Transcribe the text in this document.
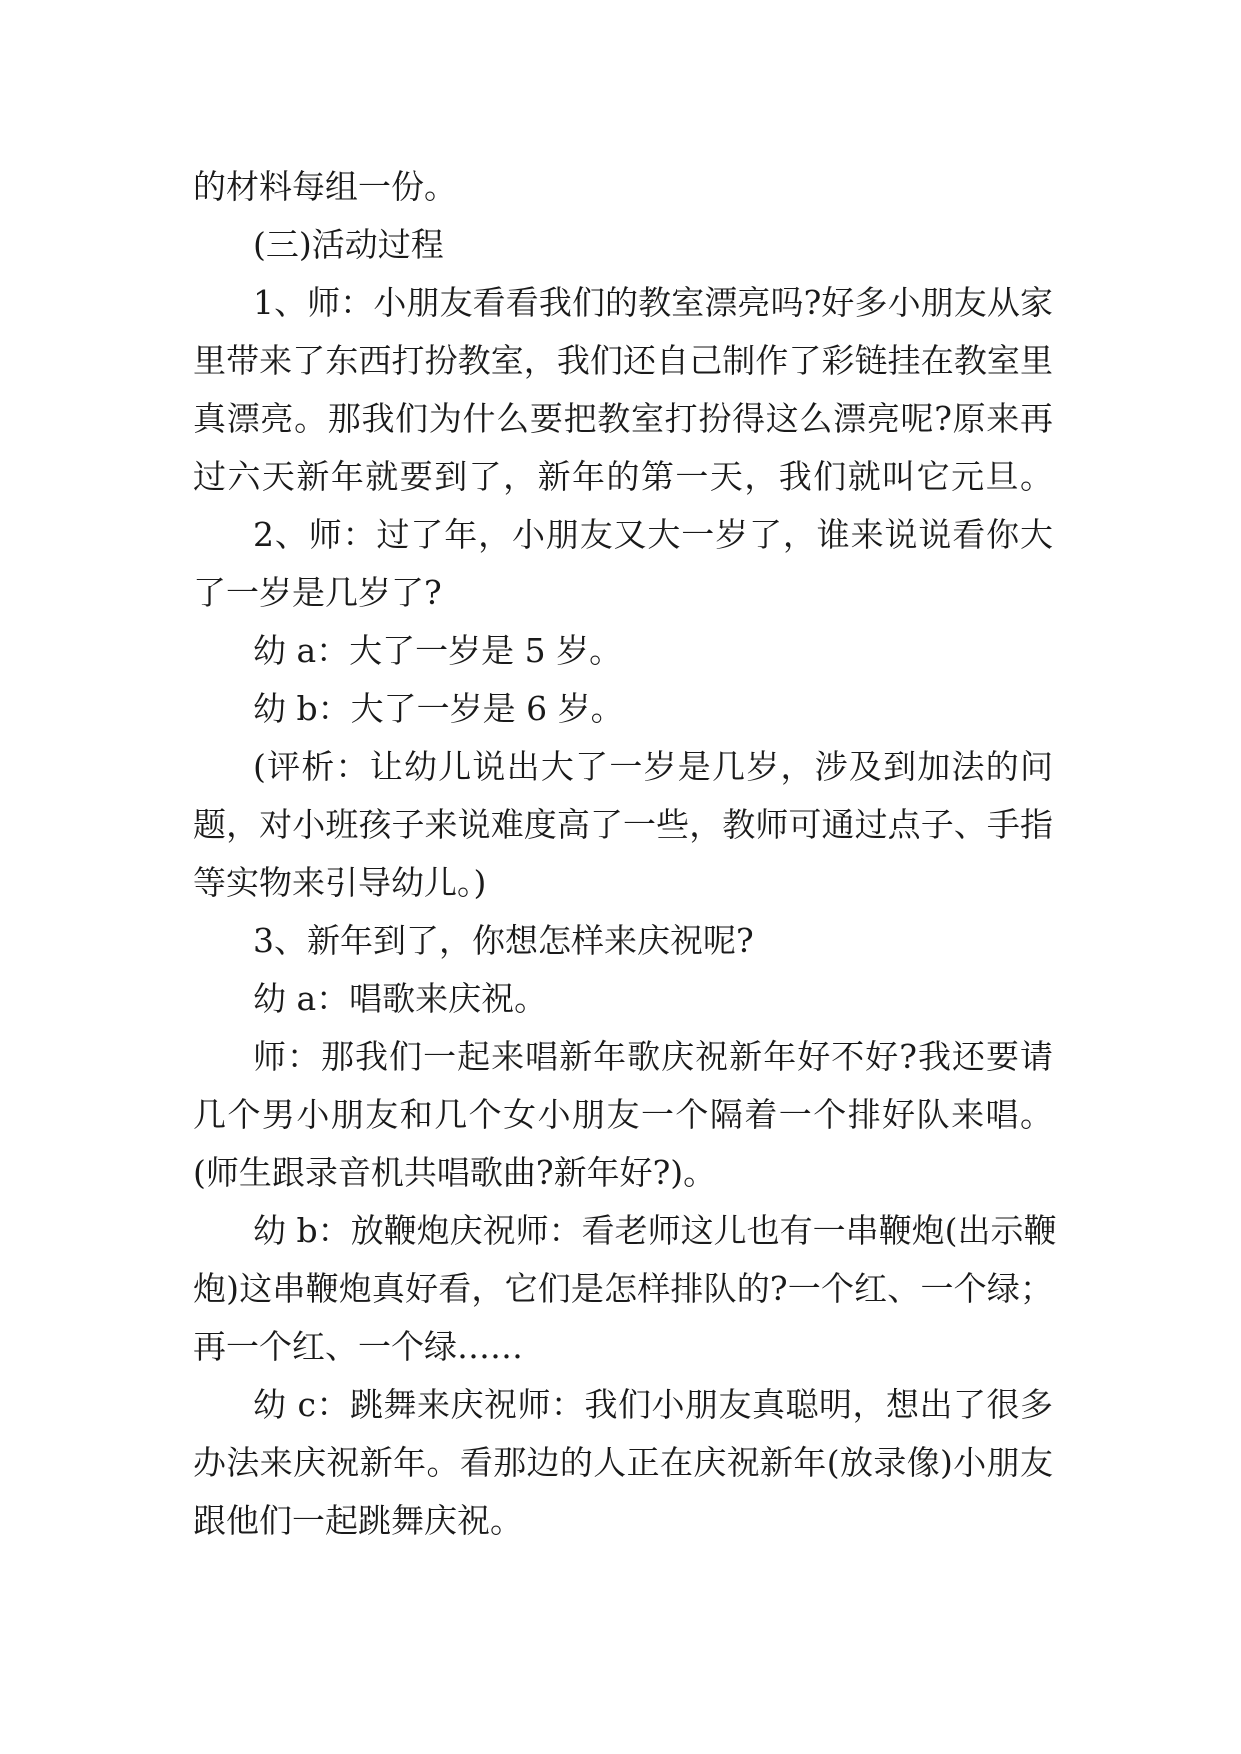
的材料每组一份。

(三)活动过程

1、师：小朋友看看我们的教室漂亮吗?好多小朋友从家

里带来了东西打扮教室，我们还自己制作了彩链挂在教室里

真漂亮。那我们为什么要把教室打扮得这么漂亮呢?原来再

过六天新年就要到了，新年的第一天，我们就叫它元旦。

2、师：过了年，小朋友又大一岁了，谁来说说看你大

了一岁是几岁了?

幼 a：大了一岁是 5 岁。

幼 b：大了一岁是 6 岁。

(评析：让幼儿说出大了一岁是几岁，涉及到加法的问

题，对小班孩子来说难度高了一些，教师可通过点子、手指

等实物来引导幼儿。)

3、新年到了，你想怎样来庆祝呢?

幼 a：唱歌来庆祝。

师：那我们一起来唱新年歌庆祝新年好不好?我还要请

几个男小朋友和几个女小朋友一个隔着一个排好队来唱。

(师生跟录音机共唱歌曲?新年好?)。

幼 b：放鞭炮庆祝师：看老师这儿也有一串鞭炮(出示鞭

炮)这串鞭炮真好看，它们是怎样排队的?一个红、一个绿；

再一个红、一个绿……

幼 c：跳舞来庆祝师：我们小朋友真聪明，想出了很多

办法来庆祝新年。看那边的人正在庆祝新年(放录像)小朋友

跟他们一起跳舞庆祝。
